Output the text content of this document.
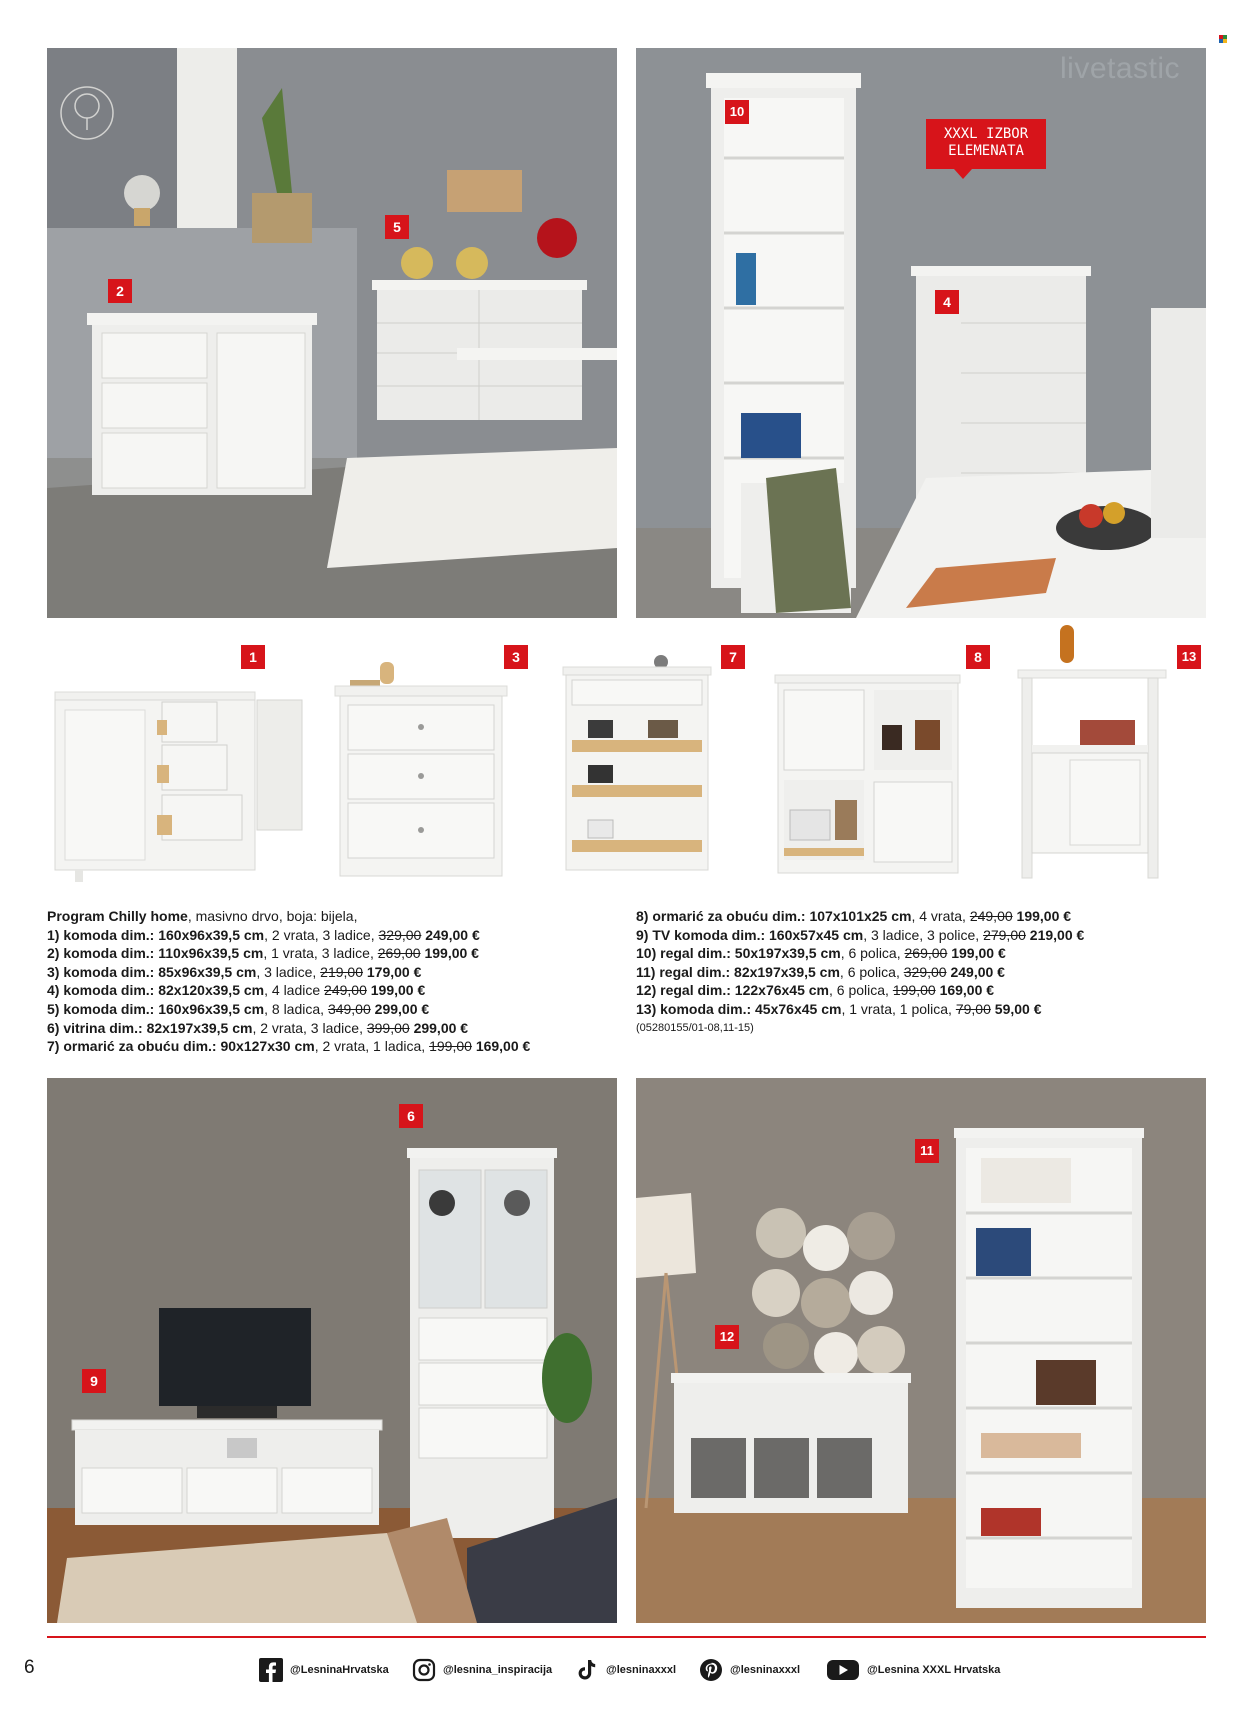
2
5
livetastic
XXXL IZBOR
ELEMENATA
10
4
1	3	7	8	13

Program Chilly home, masivno drvo, boja: bijela,

1) komoda dim.: 160x96x39,5 cm, 2 vrata, 3 ladice, 329,00 249,00 €

2) komoda dim.: 110x96x39,5 cm, 1 vrata, 3 ladice, 269,00 199,00 €

3) komoda dim.: 85x96x39,5 cm, 3 ladice, 219,00 179,00 €

4) komoda dim.: 82x120x39,5 cm, 4 ladice 249,00 199,00 €

5) komoda dim.: 160x96x39,5 cm, 8 ladica, 349,00 299,00 €

6) vitrina dim.: 82x197x39,5 cm, 2 vrata, 3 ladice, 399,00 299,00 €

7) ormarić za obuću dim.: 90x127x30 cm, 2 vrata, 1 ladica, 199,00 169,00 €

8) ormarić za obuću dim.: 107x101x25 cm, 4 vrata, 249,00 199,00 €

9) TV komoda dim.: 160x57x45 cm, 3 ladice, 3 police, 279,00 219,00 €

10) regal dim.: 50x197x39,5 cm, 6 polica, 269,00 199,00 €

11) regal dim.: 82x197x39,5 cm, 6 polica, 329,00 249,00 €

12) regal dim.: 122x76x45 cm, 6 polica, 199,00 169,00 €

13) komoda dim.: 45x76x45 cm, 1 vrata, 1 polica, 79,00 59,00 €

(05280155/01-08,11-15)

6
9
11
12
6	@LesninaHrvatska	@lesnina_inspiracija	@lesninaxxxl	@lesninaxxxl	@Lesnina XXXL Hrvatska
